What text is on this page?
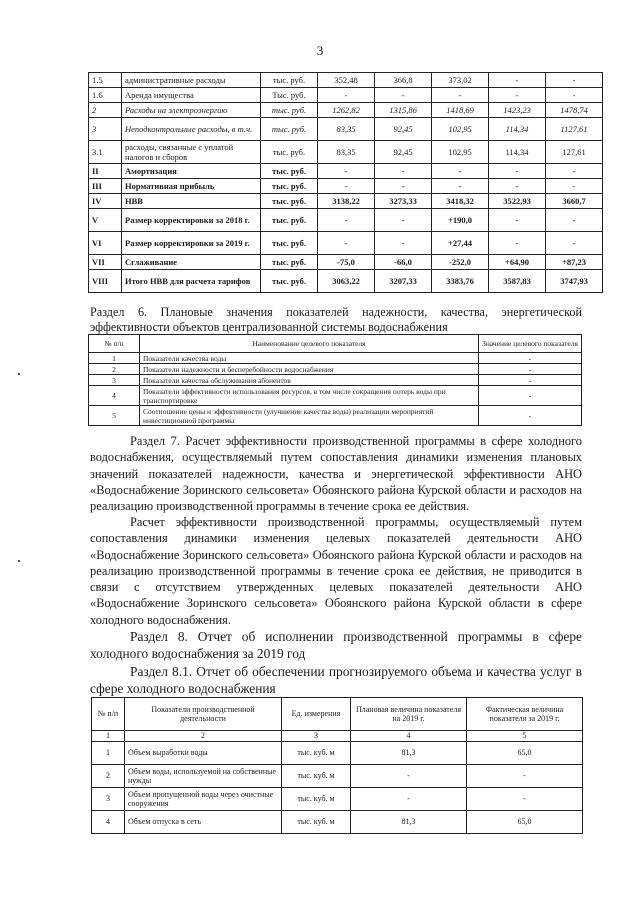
3
1.5	административные расходы	тыс. руб.	352,48	366,8	373,02	-	-
1.6	Аренда имущества	Тыс. руб.	-	-	-	-	-
2	Расходы на электроэнергию	тыс. руб.	1262,82	1315,86	1418,69	1423,23	1478,74
3	Неподконтрольные расходы, в т.ч.	тыс. руб.	83,35	92,45	102,95	114,34	1127,61
3.1	расходы, связанные с уплатой налогов и сборов	тыс. руб.	83,35	92,45	102,95	114,34	127,61
II	Амортизация	тыс. руб.	-	-	-	-	-
III	Нормативная прибыль	тыс. руб.	-	-	-	-	-
IV	НВВ	тыс. руб.	3138,22	3273,33	3418,32	3522,93	3660,7
V	Размер корректировки за 2018 г.	тыс. руб.	-	-	+190,0	-	-
VI	Размер корректировки за 2019 г.	тыс. руб.	-	-	+27,44	-	-
VII	Сглаживание	тыс. руб.	-75,0	-66,0	-252,0	+64,90	+87,23
VIII	Итого НВВ для расчета тарифов	тыс. руб.	3063,22	3207,33	3383,76	3587,83	3747,93
Раздел 6. Плановые значения показателей надежности, качества, энергетической эффективности объектов централизованной системы водоснабжения
№ п/п	Наименование целевого показателя	Значение целевого показателя
1	Показатели качества воды	-
2	Показатели надежности и бесперебойности водоснабжения	-
3	Показатели качества обслуживания абонентов	-
4	Показатели эффективности использования ресурсов, в том числе сокращения потерь воды при транспортировке	-
5	Соотношение цены и эффективности (улучшение качества воды) реализации мероприятий инвестиционной программы	-
Раздел 7. Расчет эффективности производственной программы в сфере холодного водоснабжения, осуществляемый путем сопоставления динамики изменения плановых значений показателей надежности, качества и энергетической эффективности АНО «Водоснабжение Зоринского сельсовета» Обоянского района Курской области и расходов на реализацию производственной программы в течение срока ее действия.
Расчет эффективности производственной программы, осуществляемый путем сопоставления динамики изменения целевых показателей деятельности АНО «Водоснабжение Зоринского сельсовета» Обоянского района Курской области и расходов на реализацию производственной программы в течение срока ее действия, не приводится в связи с отсутствием утвержденных целевых показателей деятельности АНО «Водоснабжение Зоринского сельсовета» Обоянского района Курской области в сфере холодного водоснабжения.
Раздел 8. Отчет об исполнении производственной программы в сфере холодного водоснабжения за 2019 год
Раздел 8.1. Отчет об обеспечении прогнозируемого объема и качества услуг в сфере холодного водоснабжения
№ п/п	Показатели производственной деятельности	Ед. измерения	Плановая величина показателя на 2019 г.	Фактическая величина показателя за 2019 г.
1	2	3	4	5
1	Объем выработки воды	тыс. куб. м	81,3	65,0
2	Объем воды, используемой на собственные нужды	тыс. куб. м	-	-
3	Объем пропущенной воды через очистные сооружения	тыс. куб. м	-	-
4	Объем отпуска в сеть	тыс. куб. м	81,3	65,0
